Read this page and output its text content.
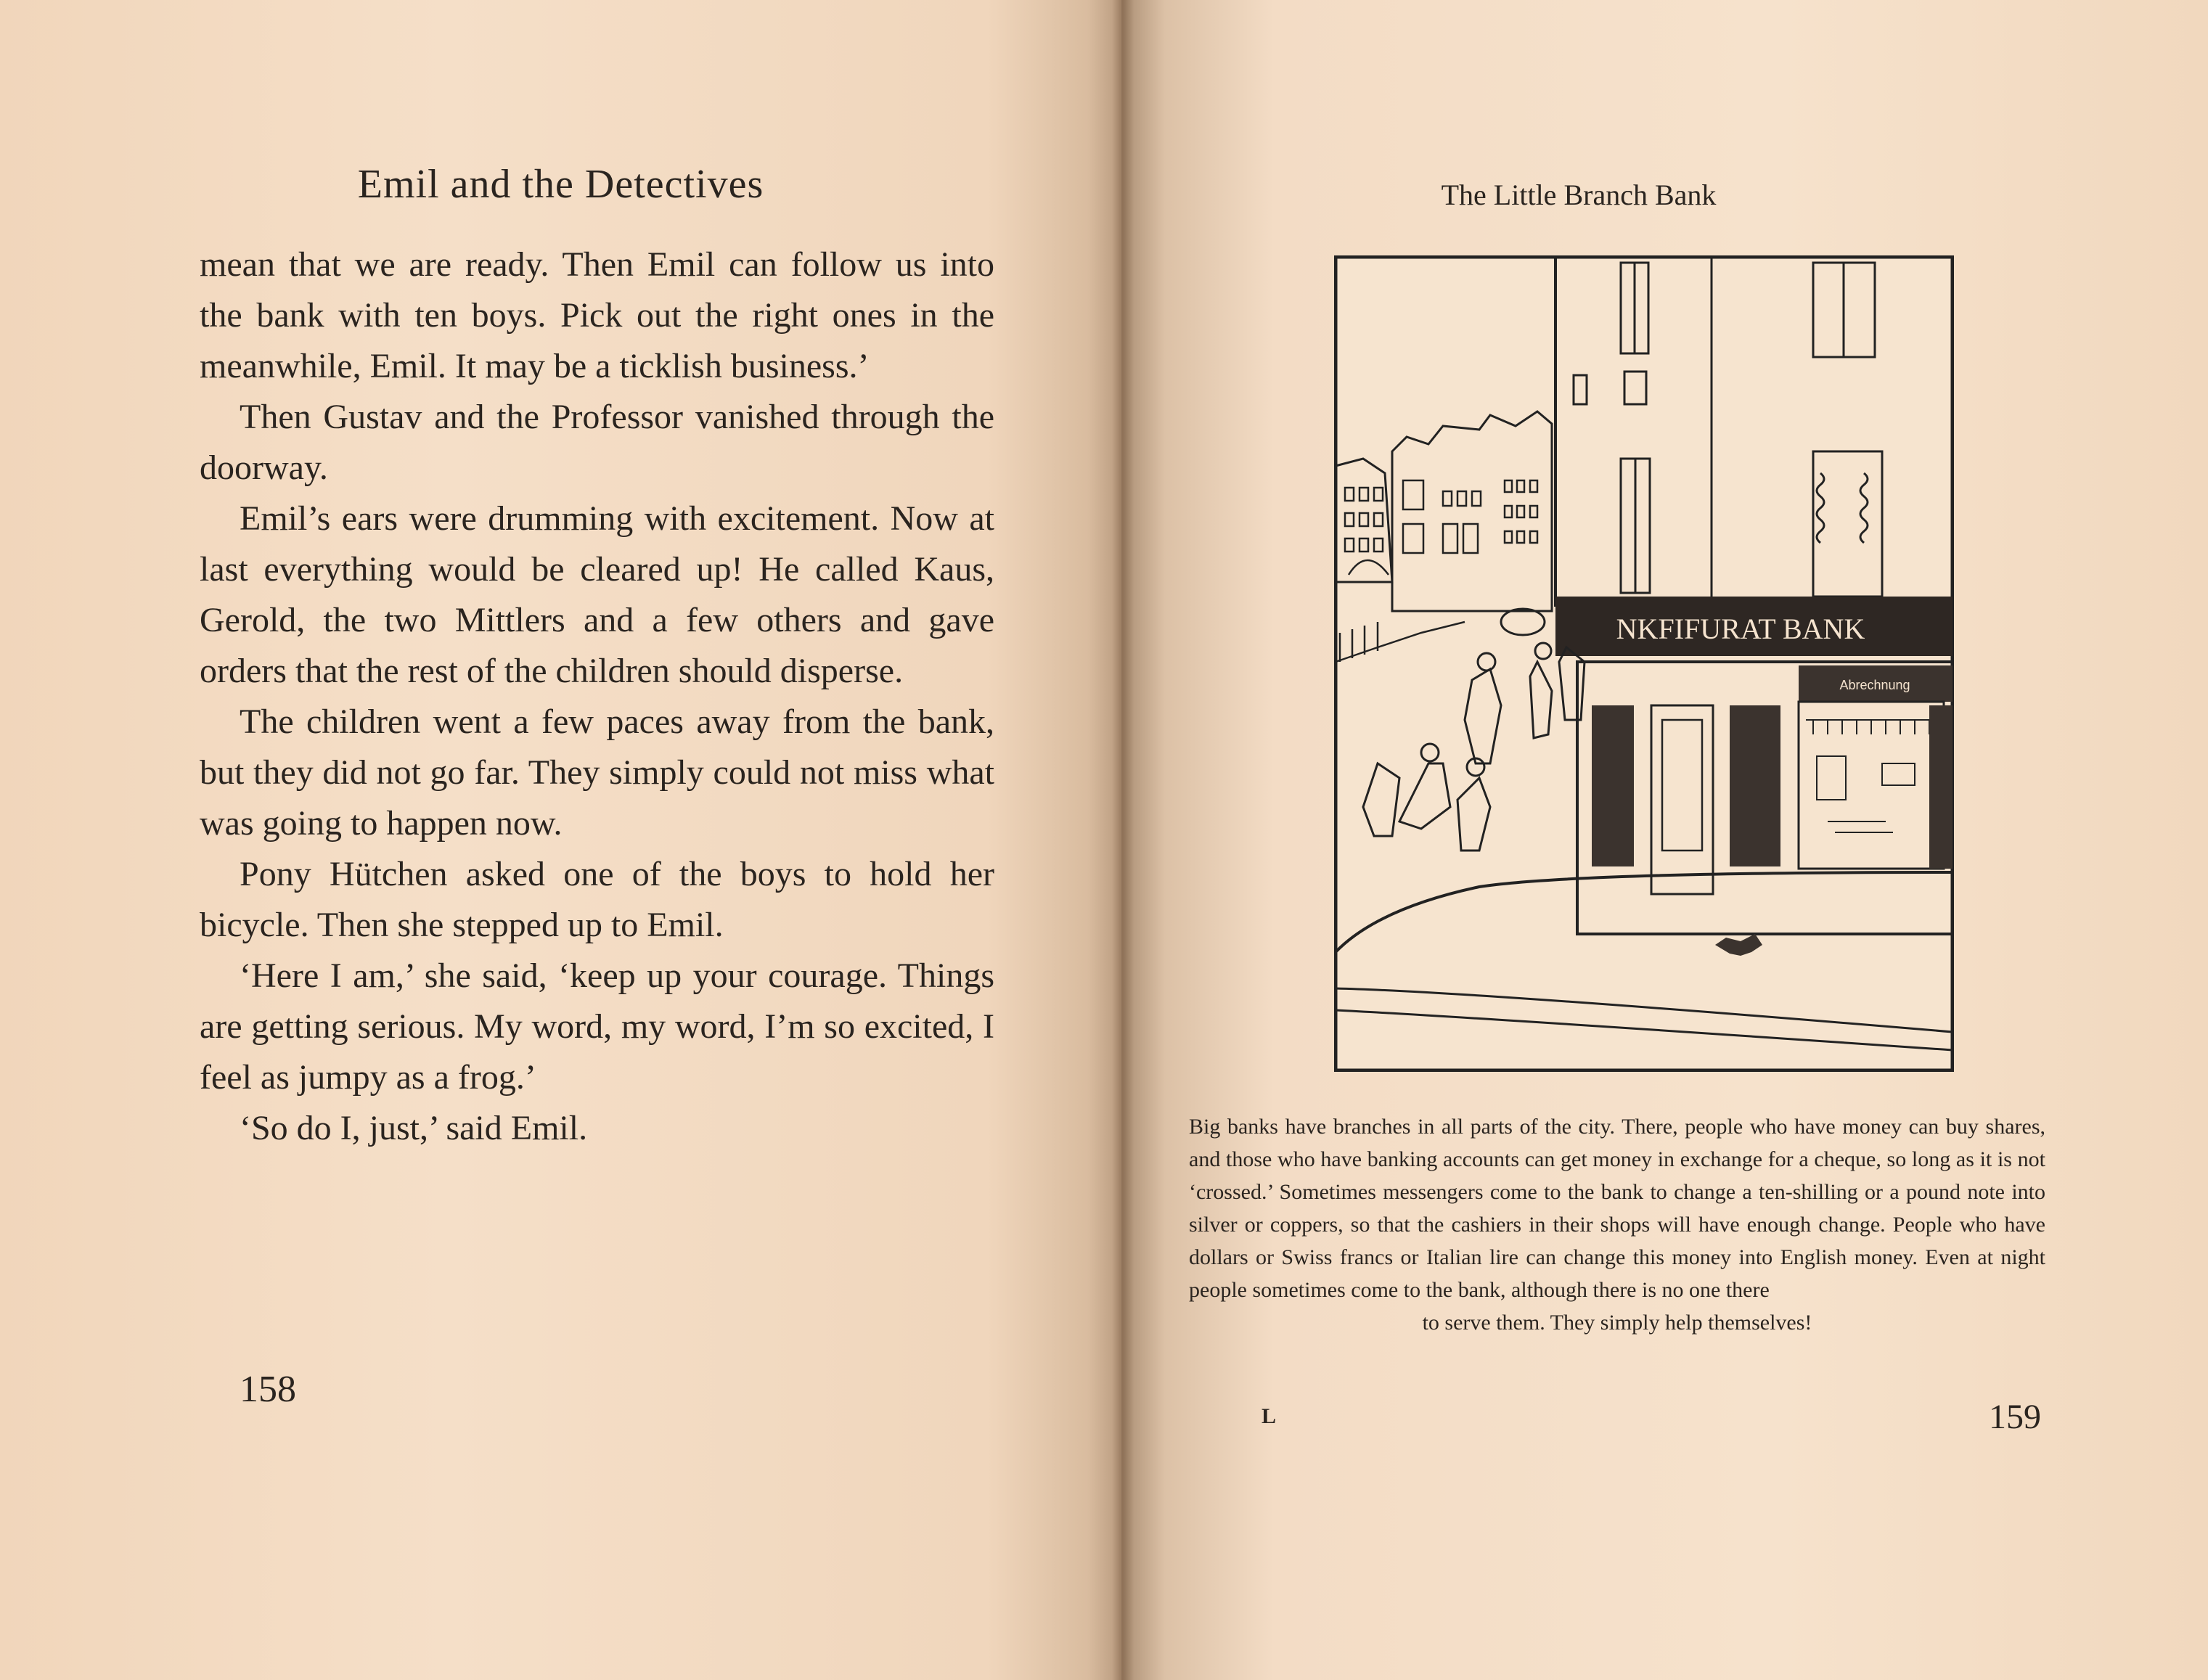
Emil and the Detectives

mean that we are ready. Then Emil can follow us into the bank with ten boys. Pick out the right ones in the meanwhile, Emil. It may be a ticklish business.’

Then Gustav and the Professor vanished through the doorway.

Emil’s ears were drumming with excitement. Now at last everything would be cleared up! He called Kaus, Gerold, the two Mittlers and a few others and gave orders that the rest of the children should disperse.

The children went a few paces away from the bank, but they did not go far. They simply could not miss what was going to happen now.

Pony Hütchen asked one of the boys to hold her bicycle. Then she stepped up to Emil.

‘Here I am,’ she said, ‘keep up your courage. Things are getting serious. My word, my word, I’m so excited, I feel as jumpy as a frog.’

‘So do I, just,’ said Emil.

158
The Little Branch Bank
NKFIFURAT BANK
Abrechnung
Big banks have branches in all parts of the city. There, people who have money can buy shares, and those who have banking accounts can get money in exchange for a cheque, so long as it is not ‘crossed.’ Sometimes messengers come to the bank to change a ten-shilling or a pound note into silver or coppers, so that the cashiers in their shops will have enough change. People who have dollars or Swiss francs or Italian lire can change this money into English money. Even at night people sometimes come to the bank, although there is no one there
to serve them. They simply help themselves!
L	159
